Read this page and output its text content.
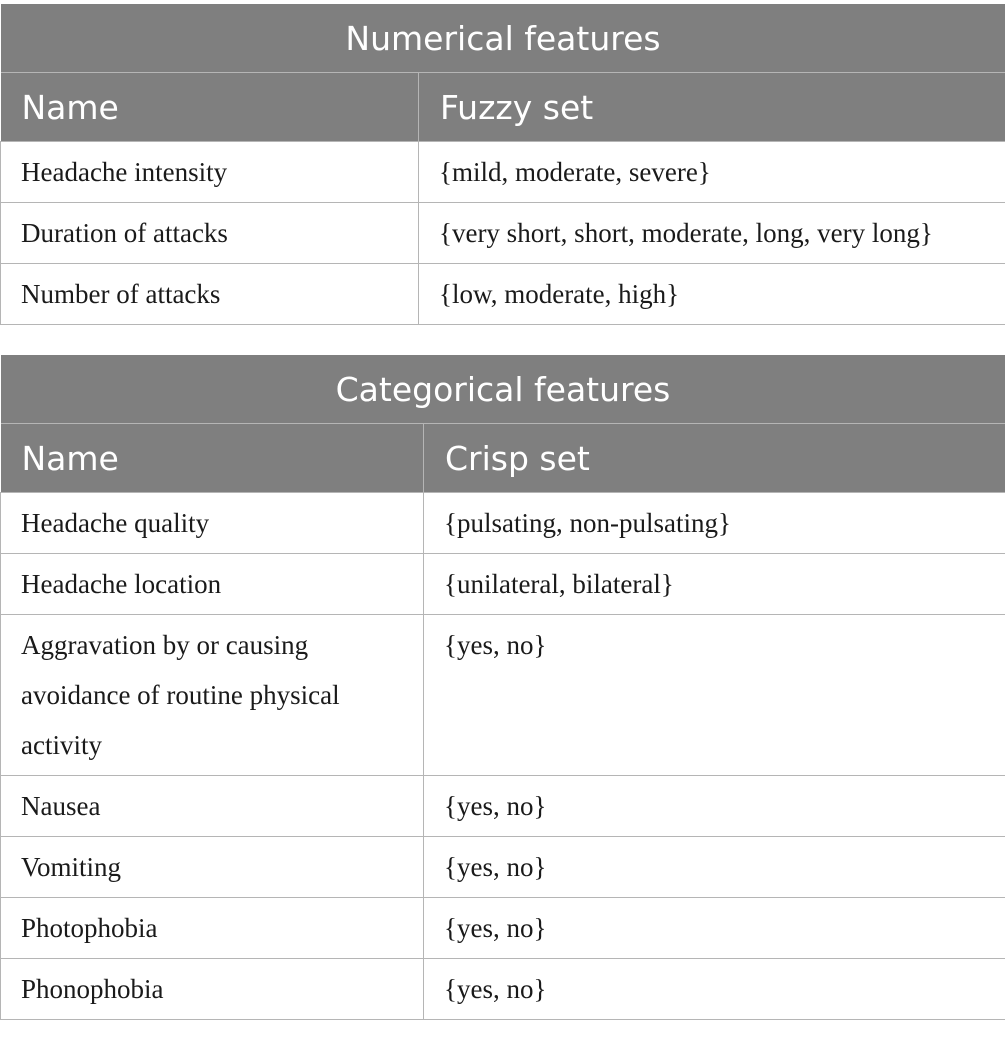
Numerical features	
Name	Fuzzy set
Headache intensity	{mild, moderate, severe}
Duration of attacks	{very short, short, moderate, long, very long}
Number of attacks	{low, moderate, high}
Categorical features	
Name	Crisp set
Headache quality	{pulsating, non-pulsating}
Headache location	{unilateral, bilateral}
Aggravation by or causing avoidance of routine physical activity	{yes, no}
Nausea	{yes, no}
Vomiting	{yes, no}
Photophobia	{yes, no}
Phonophobia	{yes, no}
